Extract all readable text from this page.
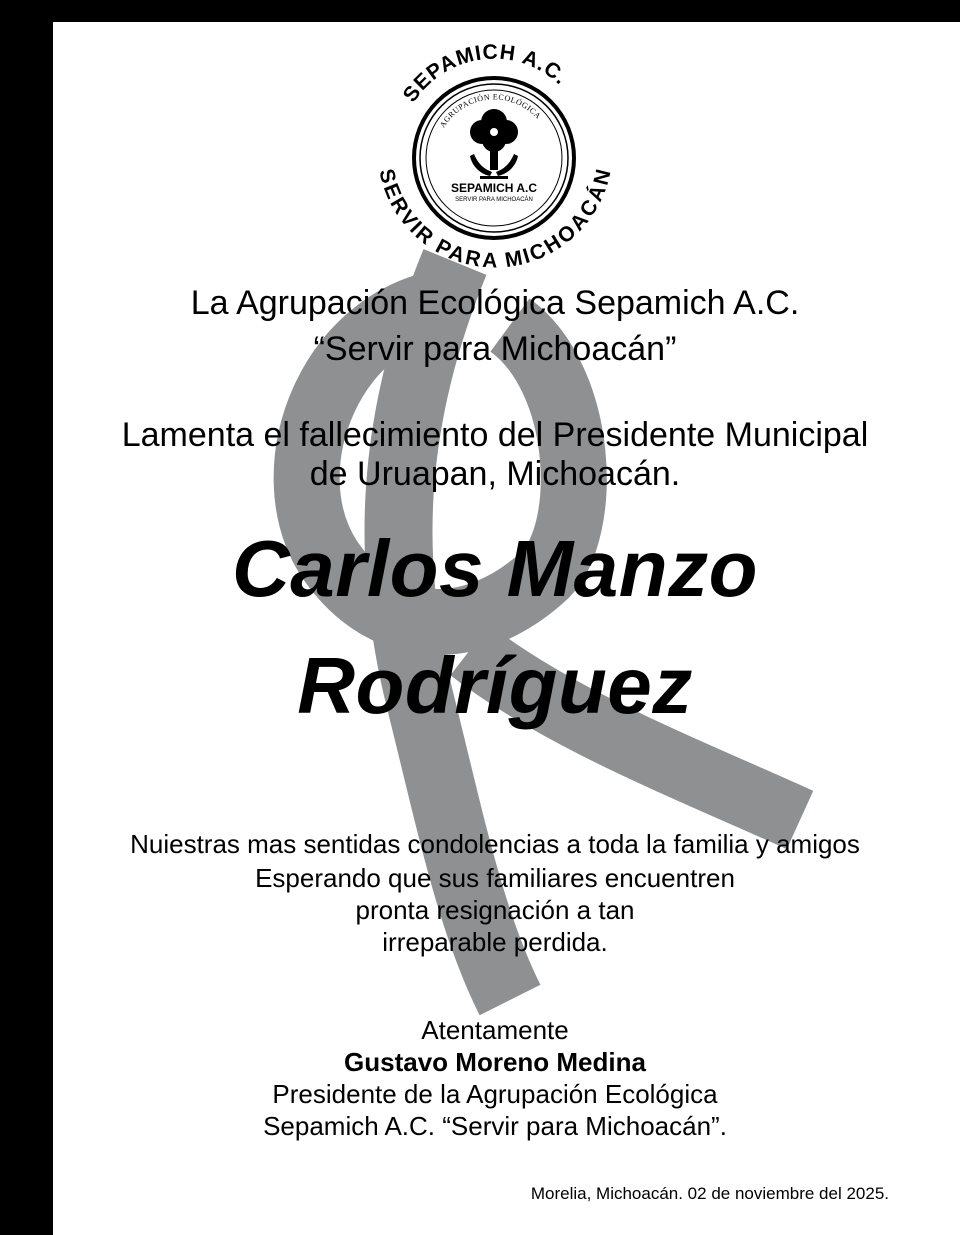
SEPAMICH A.C.
SERVIR PARA MICHOACÁN
AGRUPACIÓN ECOLÓGICA
SEPAMICH A.C
SERVIR PARA MICHOACÁN
La Agrupación Ecológica Sepamich A.C.
“Servir para Michoacán”
Lamenta el fallecimiento del Presidente Municipal
de Uruapan, Michoacán.
Carlos Manzo
Rodríguez
Nuiestras mas sentidas condolencias a toda la familia y amigos
Esperando que sus familiares encuentren
pronta resignación a tan
irreparable perdida.
Atentamente
Gustavo Moreno Medina
Presidente de la Agrupación Ecológica
Sepamich A.C. “Servir para Michoacán”.
Morelia, Michoacán. 02 de noviembre del 2025.
